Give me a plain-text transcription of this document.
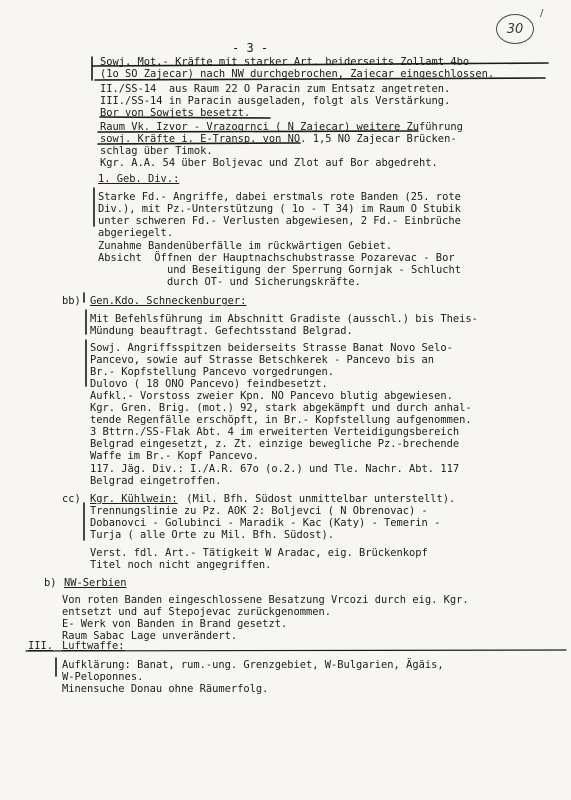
30
/
- 3 -
Sowj. Mot.- Kräfte mit starker Art. beiderseits Zollamt 4bo
(1o SO Zajecar) nach NW durchgebrochen, Zajecar eingeschlossen.
II./SS-14  aus Raum 22 O Paracin zum Entsatz angetreten.
III./SS-14 in Paracin ausgeladen, folgt als Verstärkung.
Bor von Sowjets besetzt.
Raum Vk. Izvor - Vrazogrnci ( N Zajecar) weitere Zuführung
sowj. Kräfte i. E-Transp. von NO. 1,5 NO Zajecar Brücken-
schlag über Timok.
Kgr. A.A. 54 über Boljevac und Zlot auf Bor abgedreht.
1. Geb. Div.:
Starke Fd.- Angriffe, dabei erstmals rote Banden (25. rote
Div.), mit Pz.-Unterstützung ( 1o - T 34) im Raum O Stubik
unter schweren Fd.- Verlusten abgewiesen, 2 Fd.- Einbrüche
abgeriegelt.
Zunahme Bandenüberfälle im rückwärtigen Gebiet.
Absicht  Öffnen der Hauptnachschubstrasse Pozarevac - Bor
und Beseitigung der Sperrung Gornjak - Schlucht
durch OT- und Sicherungskräfte.
bb) Gen.Kdo. Schneckenburger:
Mit Befehlsführung im Abschnitt Gradiste (ausschl.) bis Theis-
Mündung beauftragt. Gefechtsstand Belgrad.
Sowj. Angriffsspitzen beiderseits Strasse Banat Novo Selo-
Pancevo, sowie auf Strasse Betschkerek - Pancevo bis an
Br.- Kopfstellung Pancevo vorgedrungen.
Dulovo ( 18 ONO Pancevo) feindbesetzt.
Aufkl.- Vorstoss zweier Kpn. NO Pancevo blutig abgewiesen.
Kgr. Gren. Brig. (mot.) 92, stark abgekämpft und durch anhal-
tende Regenfälle erschöpft, in Br.- Kopfstellung aufgenommen.
3 Bttrn./SS-Flak Abt. 4 im erweiterten Verteidigungsbereich
Belgrad eingesetzt, z. Zt. einzige bewegliche Pz.-brechende
Waffe im Br.- Kopf Pancevo.
117. Jäg. Div.: I./A.R. 67o (o.2.) und Tle. Nachr. Abt. 117
Belgrad eingetroffen.
cc) Kgr. Kühlwein: (Mil. Bfh. Südost unmittelbar unterstellt).
Trennungslinie zu Pz. AOK 2: Boljevci ( N Obrenovac) -
Dobanovci - Golubinci - Maradik - Kac (Katy) - Temerin -
Turja ( alle Orte zu Mil. Bfh. Südost).
Verst. fdl. Art.- Tätigkeit W Aradac, eig. Brückenkopf
Titel noch nicht angegriffen.
b) NW-Serbien
Von roten Banden eingeschlossene Besatzung Vrcozi durch eig. Kgr.
entsetzt und auf Stepojevac zurückgenommen.
E- Werk von Banden in Brand gesetzt.
Raum Sabac Lage unverändert.
III. Luftwaffe:
Aufklärung: Banat, rum.-ung. Grenzgebiet, W-Bulgarien, Ägäis,
W-Peloponnes.
Minensuche Donau ohne Räumerfolg.
